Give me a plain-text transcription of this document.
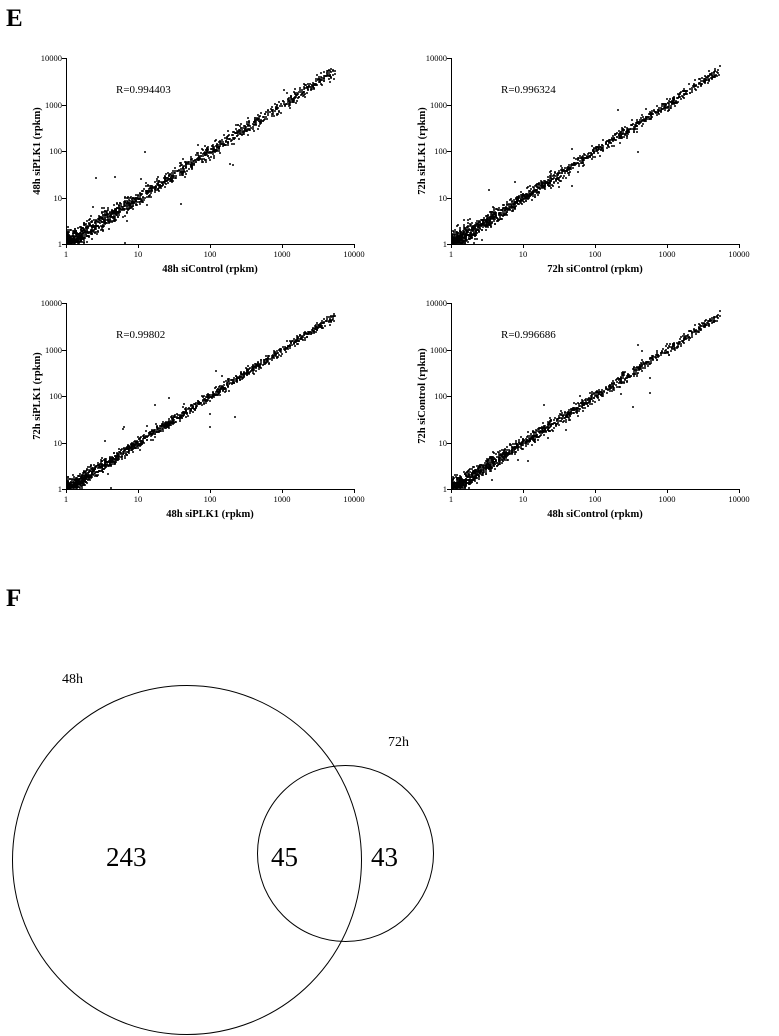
E
F
1
10
100
1000
10000
1	10	100	1000	10000
48h siPLK1 (rpkm)
48h siControl (rpkm)
R=0.994403
1
10
100
1000
10000
1	10	100	1000	10000
72h siPLK1 (rpkm)
72h siControl (rpkm)
R=0.996324
1
10
100
1000
10000
1	10	100	1000	10000
72h siPLK1 (rpkm)
48h siPLK1 (rpkm)
R=0.99802
1
10
100
1000
10000
1	10	100	1000	10000
72h siControl (rpkm)
48h siControl (rpkm)
R=0.996686
48h
72h
243	45	43
